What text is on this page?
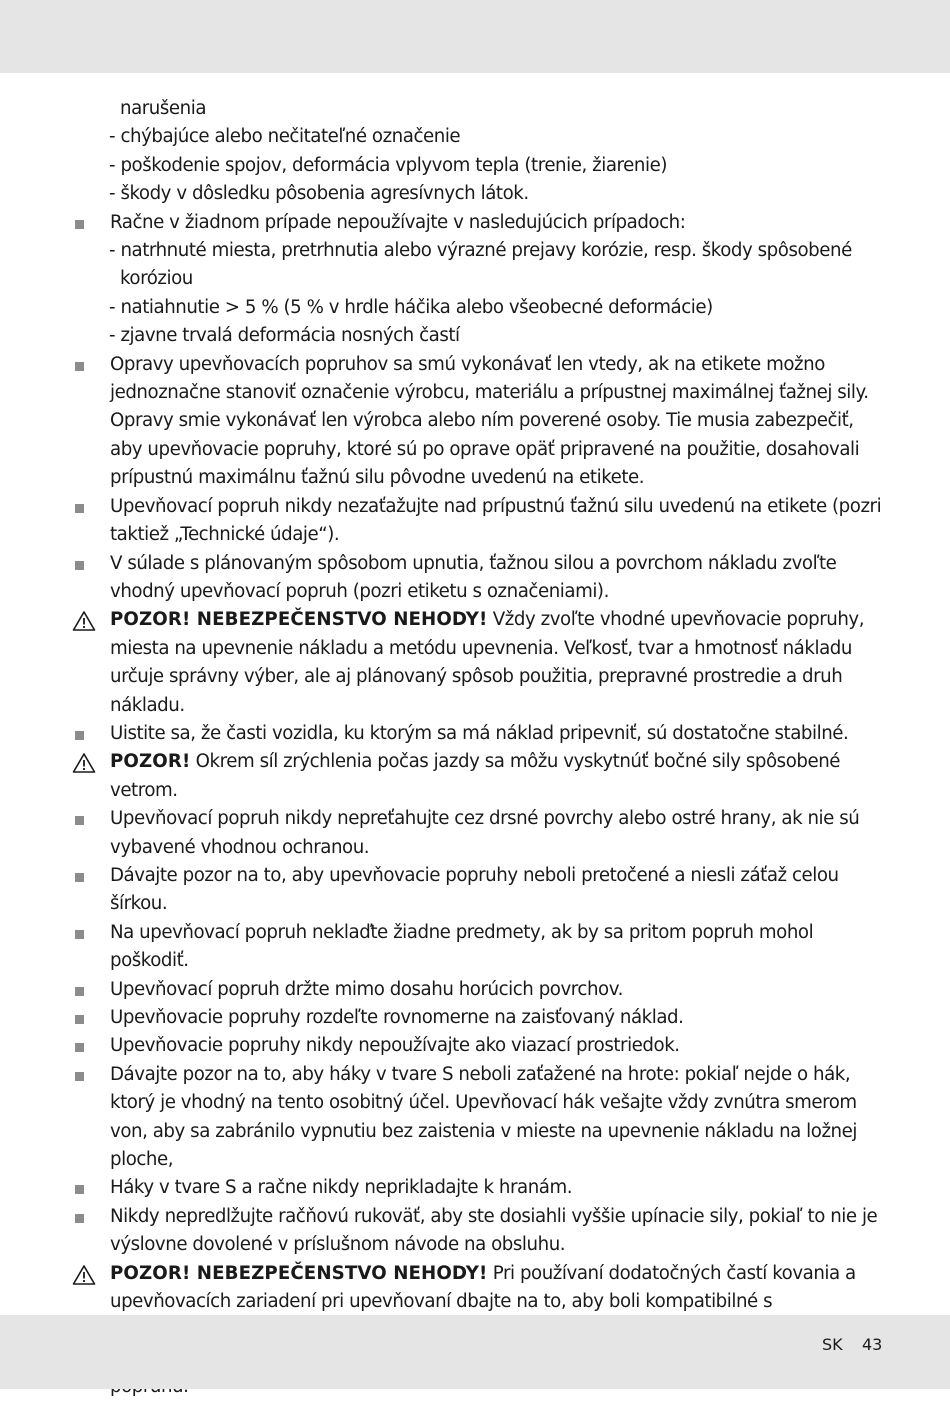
narušenia
- chýbajúce alebo nečitateľné označenie
- poškodenie spojov, deformácia vplyvom tepla (trenie, žiarenie)
- škody v dôsledku pôsobenia agresívnych látok.
Račne v žiadnom prípade nepoužívajte v nasledujúcich prípadoch:
- natrhnuté miesta, pretrhnutia alebo výrazné prejavy korózie, resp. škody spôsobené koróziou
- natiahnutie > 5 % (5 % v hrdle háčika alebo všeobecné deformácie)
- zjavne trvalá deformácia nosných častí
Opravy upevňovacích popruhov sa smú vykonávať len vtedy, ak na etikete možno jednoznačne stanoviť označenie výrobcu, materiálu a prípustnej maximálnej ťažnej sily. Opravy smie vykonávať len výrobca alebo ním poverené osoby. Tie musia zabezpečiť, aby upevňovacie popruhy, ktoré sú po oprave opäť pripravené na použitie, dosahovali prípustnú maximálnu ťažnú silu pôvodne uvedenú na etikete.
Upevňovací popruh nikdy nezaťažujte nad prípustnú ťažnú silu uvedenú na etikete (pozri taktiež „Technické údaje“).
V súlade s plánovaným spôsobom upnutia, ťažnou silou a povrchom nákladu zvoľte vhodný upevňovací popruh (pozri etiketu s označeniami).
POZOR! NEBEZPEČENSTVO NEHODY! Vždy zvoľte vhodné upevňovacie popruhy, miesta na upevnenie nákladu a metódu upevnenia. Veľkosť, tvar a hmotnosť nákladu určuje správny výber, ale aj plánovaný spôsob použitia, prepravné prostredie a druh nákladu.
Uistite sa, že časti vozidla, ku ktorým sa má náklad pripevniť, sú dostatočne stabilné.
POZOR! Okrem síl zrýchlenia počas jazdy sa môžu vyskytnúť bočné sily spôsobené vetrom.
Upevňovací popruh nikdy nepreťahujte cez drsné povrchy alebo ostré hrany, ak nie sú vybavené vhodnou ochranou.
Dávajte pozor na to, aby upevňovacie popruhy neboli pretočené a niesli záťaž celou šírkou.
Na upevňovací popruh neklaďte žiadne predmety, ak by sa pritom popruh mohol poškodiť.
Upevňovací popruh držte mimo dosahu horúcich povrchov.
Upevňovacie popruhy rozdeľte rovnomerne na zaisťovaný náklad.
Upevňovacie popruhy nikdy nepoužívajte ako viazací prostriedok.
Dávajte pozor na to, aby háky v tvare S neboli zaťažené na hrote: pokiaľ nejde o hák, ktorý je vhodný na tento osobitný účel. Upevňovací hák vešajte vždy zvnútra smerom von, aby sa zabránilo vypnutiu bez zaistenia v mieste na upevnenie nákladu na ložnej ploche,
Háky v tvare S a račne nikdy neprikladajte k hranám.
Nikdy nepredlžujte račňovú rukoväť, aby ste dosiahli vyššie upínacie sily, pokiaľ to nie je výslovne dovolené v príslušnom návode na obsluhu.
POZOR! NEBEZPEČENSTVO NEHODY! Pri používaní dodatočných častí kovania a upevňovacích zariadení pri upevňovaní dbajte na to, aby boli kompatibilné s
SK 43
